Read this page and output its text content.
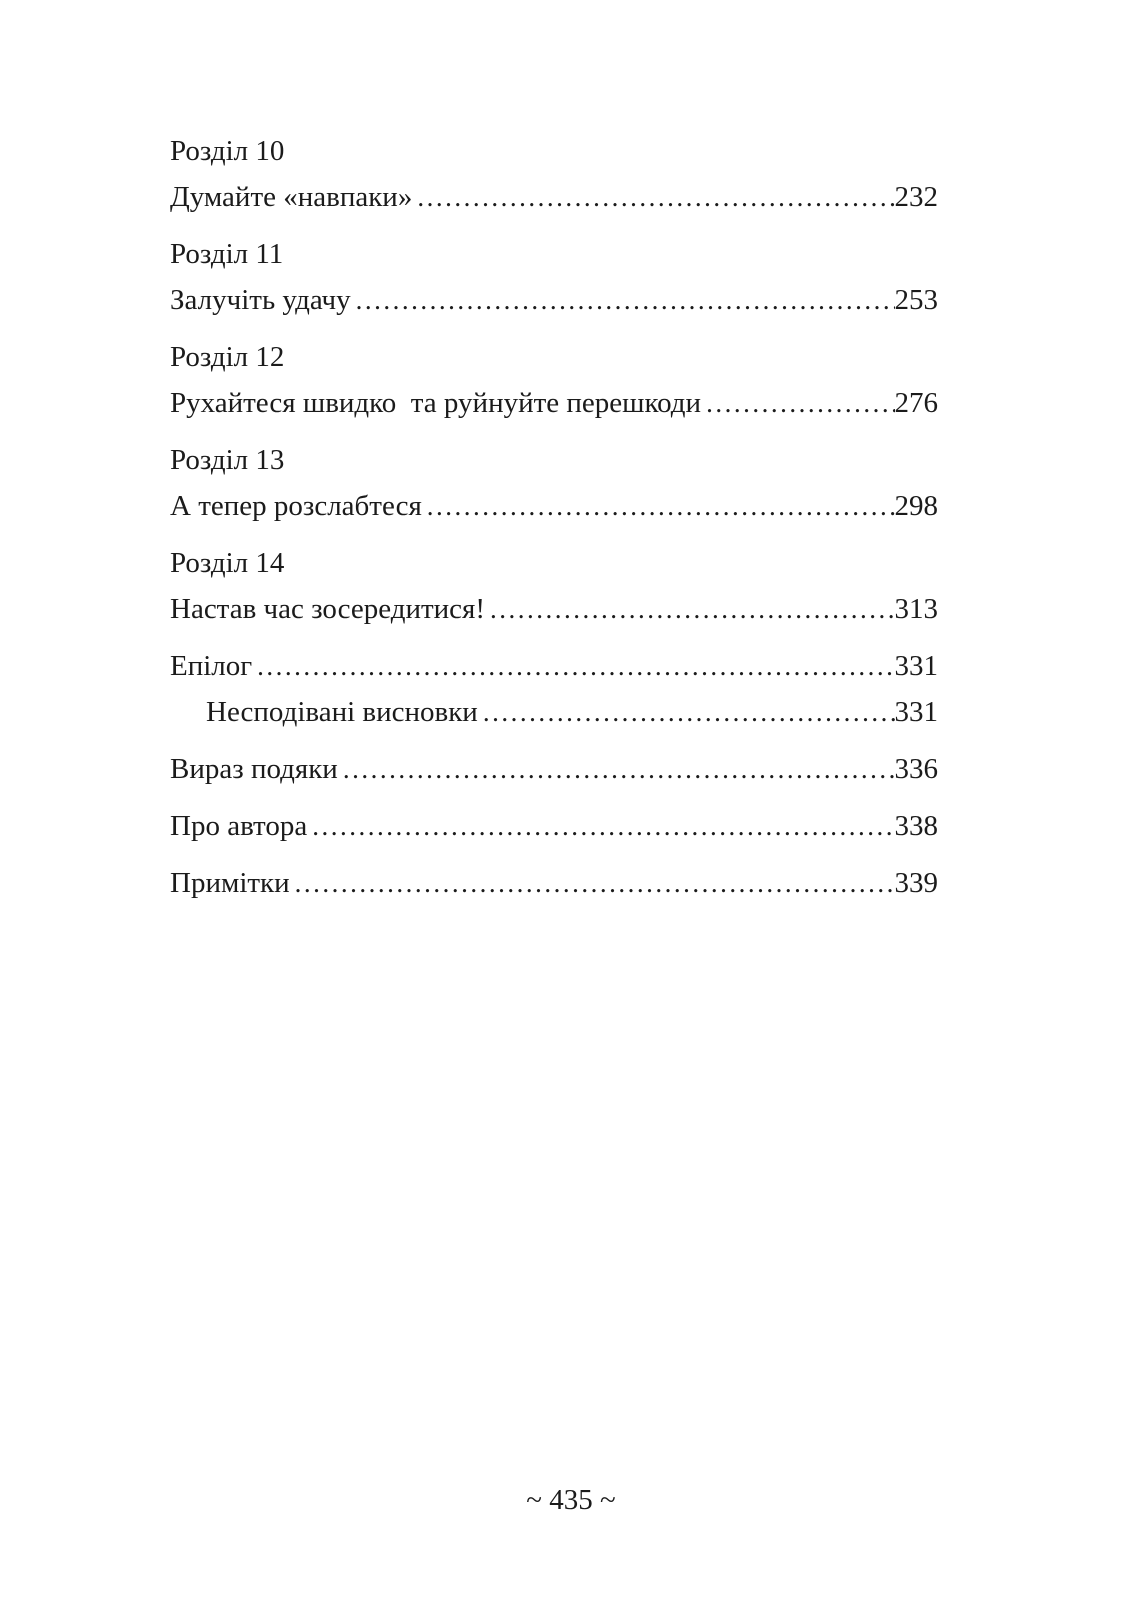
Розділ 10
Думайте «навпаки» .....	232
Розділ 11
Залучіть удачу .....	253
Розділ 12
Рухайтеся швидко  та руйнуйте перешкоди .....	276
Розділ 13
А тепер розслабтеся .....	298
Розділ 14
Настав час зосередитися! .....	313
Епілог .....	331
Несподівані висновки .....	331
Вираз подяки .....	336
Про автора .....	338
Примітки .....	339
~ 435 ~
